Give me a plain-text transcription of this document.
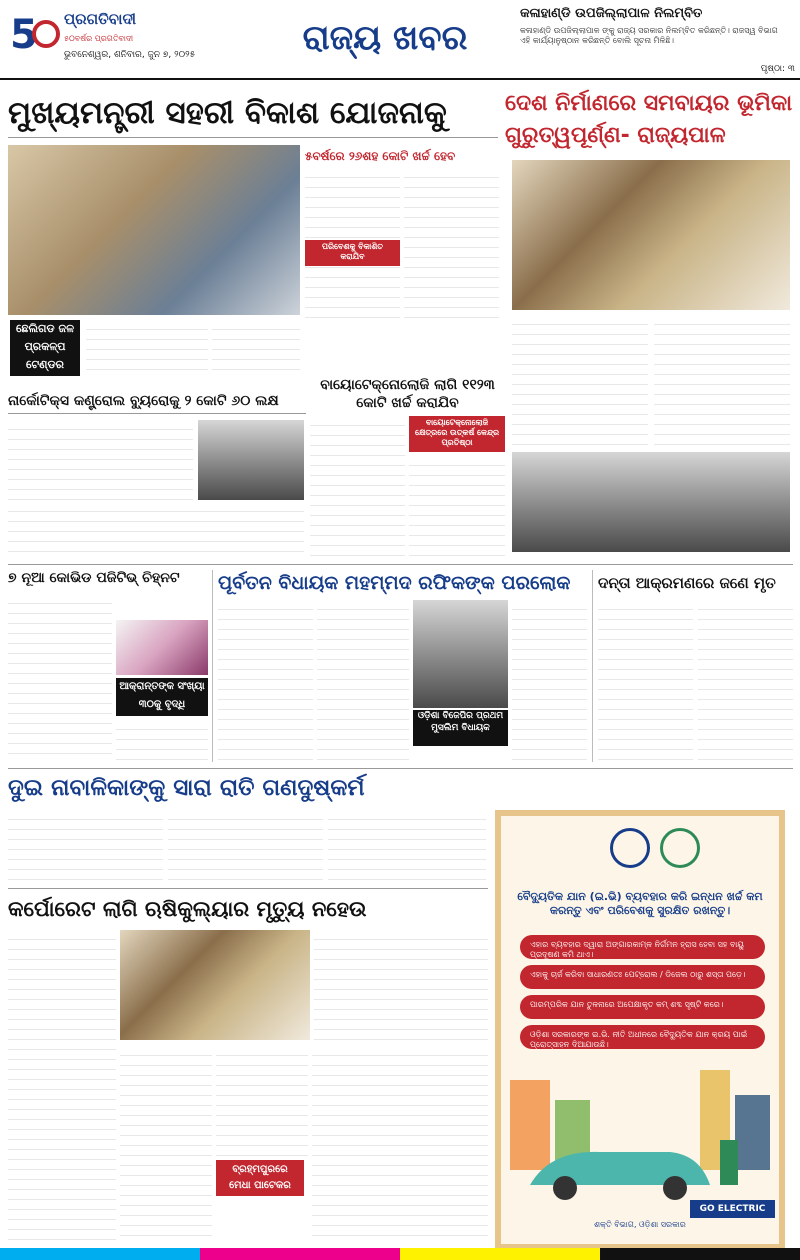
5 ପ୍ରଗତିବାଦୀ
୫୦ବର୍ଷର ପ୍ରଗତିବାଦୀ
ଭୁବନେଶ୍ୱର, ଶନିବାର, ଜୁନ ୭, ୨୦୨୫	ରାଜ୍ୟ ଖବର
କଳାହାଣ୍ଡି ଉପଜିଲ୍ଲାପାଳ ନିଲମ୍ବିତ
କଳାହାଣ୍ଡି ଉପଜିଲ୍ଲାପାଳ ଙ୍କୁ ରାଜ୍ୟ ସରକାର ନିଲମ୍ବିତ କରିଛନ୍ତି। ରାଜସ୍ୱ ବିଭାଗ ଏହି କାର୍ଯ୍ୟାନୁଷ୍ଠାନ କରିଛନ୍ତି ବୋଲି ସୂଚନା ମିଳିଛି।
ପୃଷ୍ଠା: ୩
ମୁଖ୍ୟମନ୍ତ୍ରୀ ସହରୀ ବିକାଶ ଯୋଜନାକୁ
୫ବର୍ଷରେ ୨୬ଶହ କୋଟି ଖର୍ଚ୍ଚ ହେବ
ପରିବେଶକୁ ବିକାଶିତ କରାଯିବ
ଛେଲିଗଡ ଜଳ ପ୍ରକଳ୍ପ ଟେଣ୍ଡର ମଞ୍ଜୁର
ଦେଶ ନିର୍ମାଣରେ ସମବାୟର ଭୂମିକା ଗୁରୁତ୍ୱପୂର୍ଣ୍ଣ- ରାଜ୍ୟପାଳ
ନାର୍କୋଟିକ୍ସ କଣ୍ଟ୍ରୋଲ ବ୍ୟୁରୋକୁ ୨ କୋଟି ୬୦ ଲକ୍ଷ
ବାୟୋଟେକ୍ନୋଲୋଜି ଲାଗି ୧୧୨୩ କୋଟି ଖର୍ଚ୍ଚ କରାଯିବ
ବାୟୋଟେକ୍ନୋଲୋଜି କ୍ଷେତ୍ରରେ ଉତ୍କର୍ଷ କେନ୍ଦ୍ର ପ୍ରତିଷ୍ଠା
୭ ନୂଆ କୋଭିଡ ପଜିଟିଭ୍ ଚିହ୍ନଟ
ଆକ୍ରାନ୍ତଙ୍କ ସଂଖ୍ୟା ୩୦କୁ ବୃଦ୍ଧି
ପୂର୍ବତନ ବିଧାୟକ ମହମ୍ମଦ ରଫିକଙ୍କ ପରଲୋକ
ଓଡ଼ିଶା ବିଜେପିର ପ୍ରଥମ ମୁସଲିମ ବିଧାୟକ
ଦନ୍ତା ଆକ୍ରମଣରେ ଜଣେ ମୃତ
ଦୁଇ ନାବାଳିକାଙ୍କୁ ସାରା ରାତି ଗଣଦୁଷ୍କର୍ମ
କର୍ପୋରେଟ ଲାଗି ଋଷିକୁଲ୍ୟାର ମୃତ୍ୟୁ ନହେଉ
ବ୍ରହ୍ମପୁରରେ ମେଧା ପାଟେକର
ବୈଦ୍ୟୁତିକ ଯାନ (ଇ.ଭି) ବ୍ୟବହାର କରି ଇନ୍ଧନ ଖର୍ଚ୍ଚ କମ କରନ୍ତୁ ଏବଂ ପରିବେଶକୁ ସୁରକ୍ଷିତ ରଖନ୍ତୁ।
ଏହାର ବ୍ୟବହାର ଦ୍ୱାରା ଅଙ୍ଗାରକାମ୍ଳ ନିର୍ଗମନ ହ୍ରାସ ହେବା ସହ ବାୟୁ ପ୍ରଦୂଷଣ କମି ଥାଏ।
ଏହାକୁ ଚାର୍ଜ କରିବା ସାଧାରଣତଃ ପେଟ୍ରୋଲ / ଡିଜେଲ ଠାରୁ ଶସ୍ତା ପଡ଼େ।
ପାରମ୍ପରିକ ଯାନ ତୁଳନାରେ ଅପେକ୍ଷାକୃତ କମ୍ ଶବ୍ଦ ସୃଷ୍ଟି କରେ।
ଓଡ଼ିଶା ସରକାରଙ୍କ ଇ.ଭି. ନୀତି ଅଧୀନରେ ବୈଦ୍ୟୁତିକ ଯାନ କ୍ରୟ ପାଇଁ ପ୍ରୋତ୍ସାହନ ଦିଆଯାଉଛି।
ଶକ୍ତି ବିଭାଗ, ଓଡ଼ିଶା ସରକାର
GO ELECTRIC
